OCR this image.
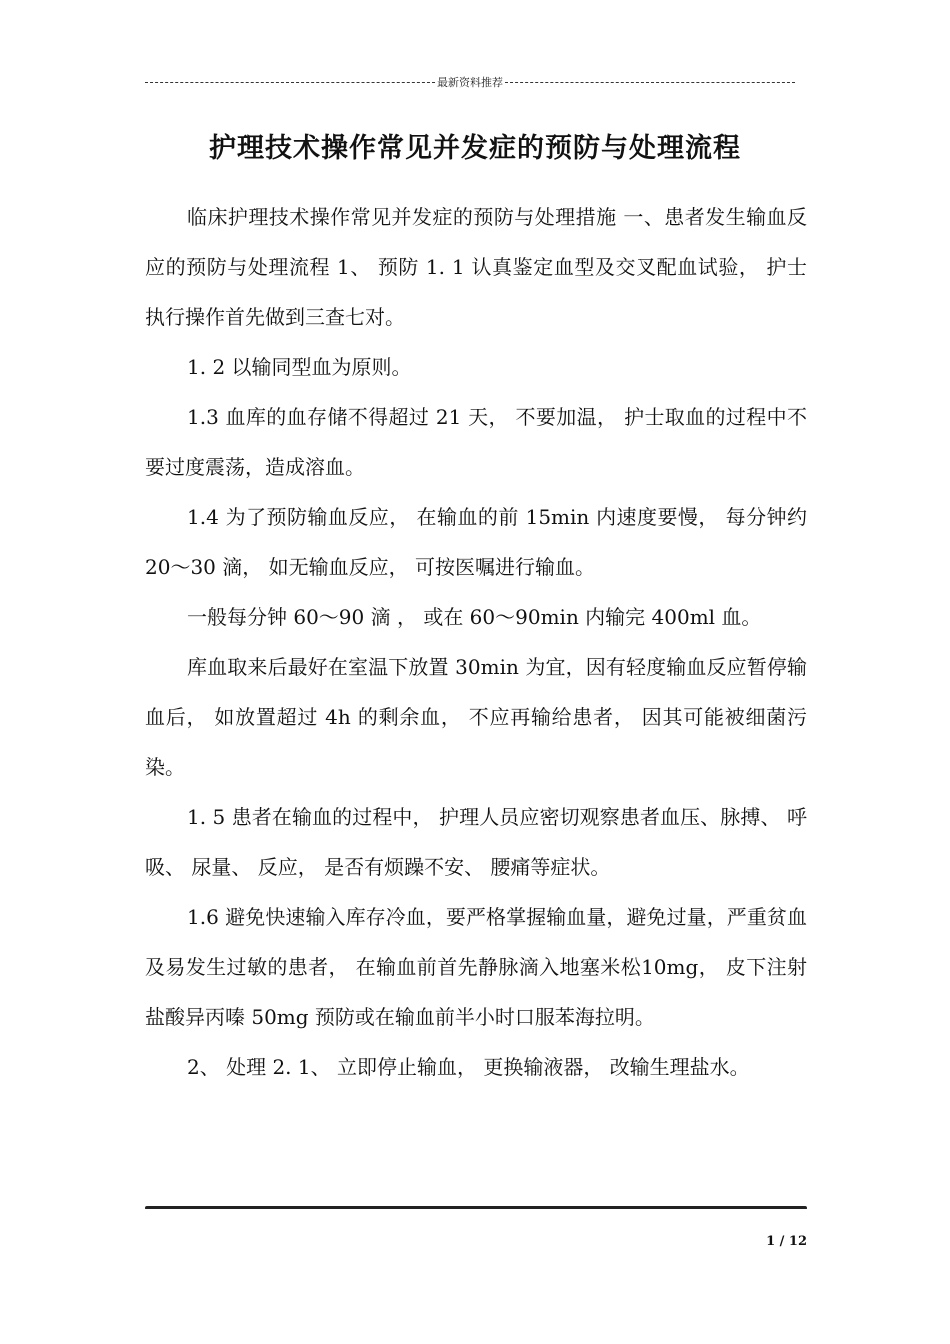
最新资料推荐
护理技术操作常见并发症的预防与处理流程

临床护理技术操作常见并发症的预防与处理措施 一、患者发生输血反应的预防与处理流程 1、 预防 1. 1 认真鉴定血型及交叉配血试验， 护士执行操作首先做到三查七对。

1. 2 以输同型血为原则。

1.3 血库的血存储不得超过 21 天， 不要加温， 护士取血的过程中不要过度震荡，造成溶血。

1.4 为了预防输血反应， 在输血的前 15min 内速度要慢， 每分钟约 20～30 滴， 如无输血反应， 可按医嘱进行输血。

一般每分钟 60～90 滴 ， 或在 60～90min 内输完 400ml 血。

库血取来后最好在室温下放置 30min 为宜，因有轻度输血反应暂停输血后， 如放置超过 4h 的剩余血， 不应再输给患者， 因其可能被细菌污染。

1. 5 患者在输血的过程中， 护理人员应密切观察患者血压、脉搏、 呼吸、 尿量、 反应， 是否有烦躁不安、 腰痛等症状。

1.6 避免快速输入库存冷血，要严格掌握输血量，避免过量，严重贫血及易发生过敏的患者， 在输血前首先静脉滴入地塞米松10mg， 皮下注射盐酸异丙嗪 50mg 预防或在输血前半小时口服苯海拉明。

2、 处理 2. 1、 立即停止输血， 更换输液器， 改输生理盐水。

1 / 12
